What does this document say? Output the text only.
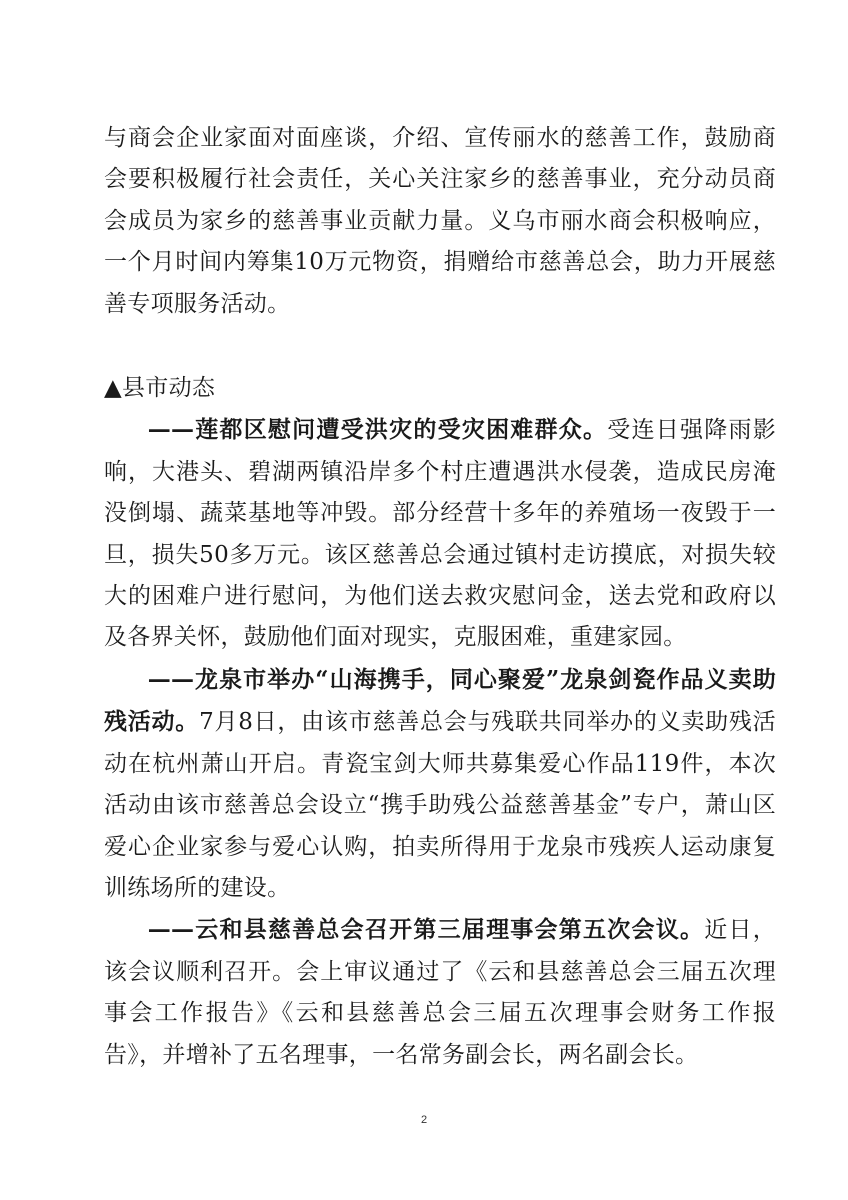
与商会企业家面对面座谈，介绍、宣传丽水的慈善工作，鼓励商会要积极履行社会责任，关心关注家乡的慈善事业，充分动员商会成员为家乡的慈善事业贡献力量。义乌市丽水商会积极响应，一个月时间内筹集10万元物资，捐赠给市慈善总会，助力开展慈善专项服务活动。

▲县市动态

——莲都区慰问遭受洪灾的受灾困难群众。受连日强降雨影响，大港头、碧湖两镇沿岸多个村庄遭遇洪水侵袭，造成民房淹没倒塌、蔬菜基地等冲毁。部分经营十多年的养殖场一夜毁于一旦，损失50多万元。该区慈善总会通过镇村走访摸底，对损失较大的困难户进行慰问，为他们送去救灾慰问金，送去党和政府以及各界关怀，鼓励他们面对现实，克服困难，重建家园。

——龙泉市举办“山海携手，同心聚爱”龙泉剑瓷作品义卖助残活动。7月8日，由该市慈善总会与残联共同举办的义卖助残活动在杭州萧山开启。青瓷宝剑大师共募集爱心作品119件，本次活动由该市慈善总会设立“携手助残公益慈善基金”专户，萧山区爱心企业家参与爱心认购，拍卖所得用于龙泉市残疾人运动康复训练场所的建设。

——云和县慈善总会召开第三届理事会第五次会议。近日，该会议顺利召开。会上审议通过了《云和县慈善总会三届五次理事会工作报告》《云和县慈善总会三届五次理事会财务工作报告》，并增补了五名理事，一名常务副会长，两名副会长。

2
